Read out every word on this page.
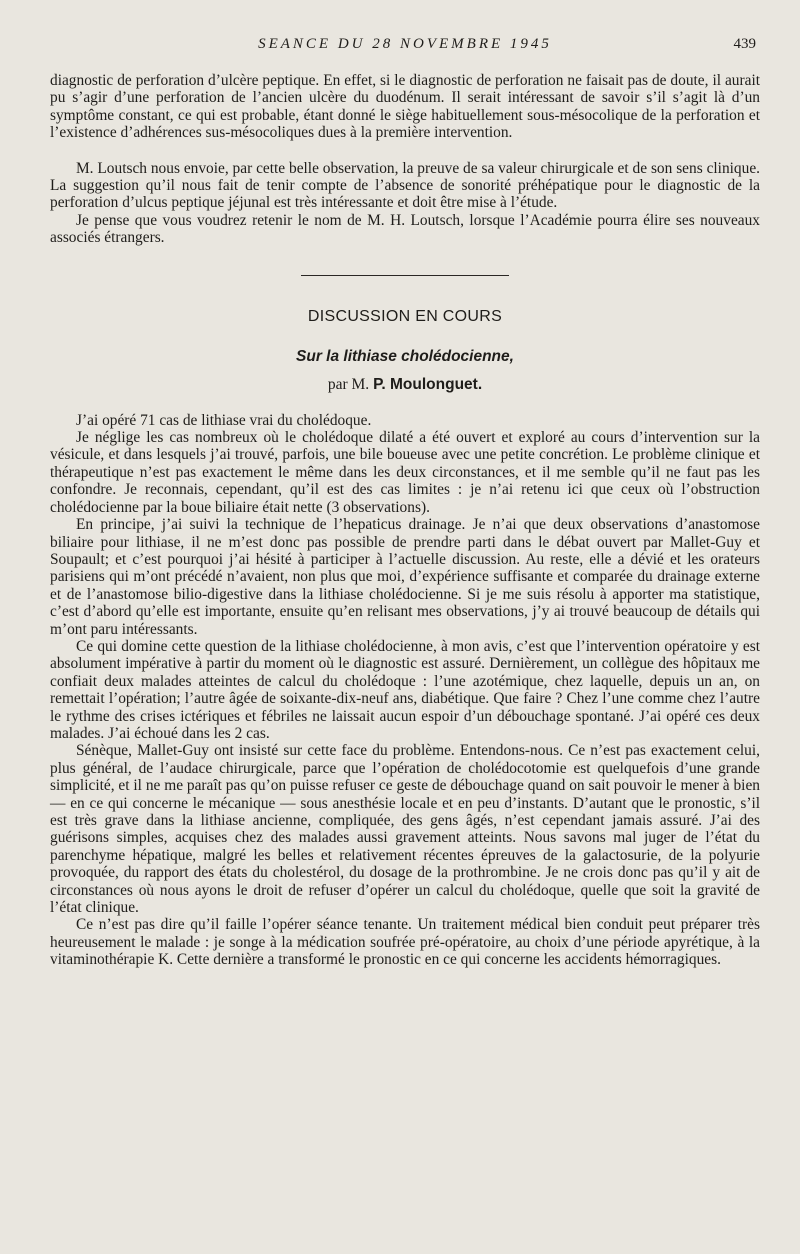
SEANCE DU 28 NOVEMBRE 1945	439

diagnostic de perforation d’ulcère peptique. En effet, si le diagnostic de perforation ne faisait pas de doute, il aurait pu s’agir d’une perforation de l’ancien ulcère du duodénum. Il serait intéressant de savoir s’il s’agit là d’un symptôme constant, ce qui est probable, étant donné le siège habituellement sous-mésocolique de la perforation et l’existence d’adhérences sus-mésocoliques dues à la première intervention.

M. Loutsch nous envoie, par cette belle observation, la preuve de sa valeur chirurgicale et de son sens clinique. La suggestion qu’il nous fait de tenir compte de l’absence de sonorité préhépatique pour le diagnostic de la perforation d’ulcus peptique jéjunal est très intéressante et doit être mise à l’étude.

Je pense que vous voudrez retenir le nom de M. H. Loutsch, lorsque l’Académie pourra élire ses nouveaux associés étrangers.

DISCUSSION EN COURS
Sur la lithiase cholédocienne,
par M. P. Moulonguet.

J’ai opéré 71 cas de lithiase vrai du cholédoque.

Je néglige les cas nombreux où le cholédoque dilaté a été ouvert et exploré au cours d’intervention sur la vésicule, et dans lesquels j’ai trouvé, parfois, une bile boueuse avec une petite concrétion. Le problème clinique et thérapeutique n’est pas exactement le même dans les deux circonstances, et il me semble qu’il ne faut pas les confondre. Je reconnais, cependant, qu’il est des cas limites : je n’ai retenu ici que ceux où l’obstruction cholédocienne par la boue biliaire était nette (3 observations).

En principe, j’ai suivi la technique de l’hepaticus drainage. Je n’ai que deux observations d’anastomose biliaire pour lithiase, il ne m’est donc pas possible de prendre parti dans le débat ouvert par Mallet-Guy et Soupault; et c’est pourquoi j’ai hésité à participer à l’actuelle discussion. Au reste, elle a dévié et les orateurs parisiens qui m’ont précédé n’avaient, non plus que moi, d’expérience suffisante et comparée du drainage externe et de l’anastomose bilio-digestive dans la lithiase cholédocienne. Si je me suis résolu à apporter ma statistique, c’est d’abord qu’elle est importante, ensuite qu’en relisant mes observations, j’y ai trouvé beaucoup de détails qui m’ont paru intéressants.

Ce qui domine cette question de la lithiase cholédocienne, à mon avis, c’est que l’intervention opératoire y est absolument impérative à partir du moment où le diagnostic est assuré. Dernièrement, un collègue des hôpitaux me confiait deux malades atteintes de calcul du cholédoque : l’une azotémique, chez laquelle, depuis un an, on remettait l’opération; l’autre âgée de soixante-dix-neuf ans, diabétique. Que faire ? Chez l’une comme chez l’autre le rythme des crises ictériques et fébriles ne laissait aucun espoir d’un débouchage spontané. J’ai opéré ces deux malades. J’ai échoué dans les 2 cas.

Sénèque, Mallet-Guy ont insisté sur cette face du problème. Entendons-nous. Ce n’est pas exactement celui, plus général, de l’audace chirurgicale, parce que l’opération de cholédocotomie est quelquefois d’une grande simplicité, et il ne me paraît pas qu’on puisse refuser ce geste de débouchage quand on sait pouvoir le mener à bien — en ce qui concerne le mécanique — sous anesthésie locale et en peu d’instants. D’autant que le pronostic, s’il est très grave dans la lithiase ancienne, compliquée, des gens âgés, n’est cependant jamais assuré. J’ai des guérisons simples, acquises chez des malades aussi gravement atteints. Nous savons mal juger de l’état du parenchyme hépatique, malgré les belles et relativement récentes épreuves de la galactosurie, de la polyurie provoquée, du rapport des états du cholestérol, du dosage de la prothrombine. Je ne crois donc pas qu’il y ait de circonstances où nous ayons le droit de refuser d’opérer un calcul du cholédoque, quelle que soit la gravité de l’état clinique.

Ce n’est pas dire qu’il faille l’opérer séance tenante. Un traitement médical bien conduit peut préparer très heureusement le malade : je songe à la médication soufrée pré-opératoire, au choix d’une période apyrétique, à la vitaminothérapie K. Cette dernière a transformé le pronostic en ce qui concerne les accidents hémorragiques.
